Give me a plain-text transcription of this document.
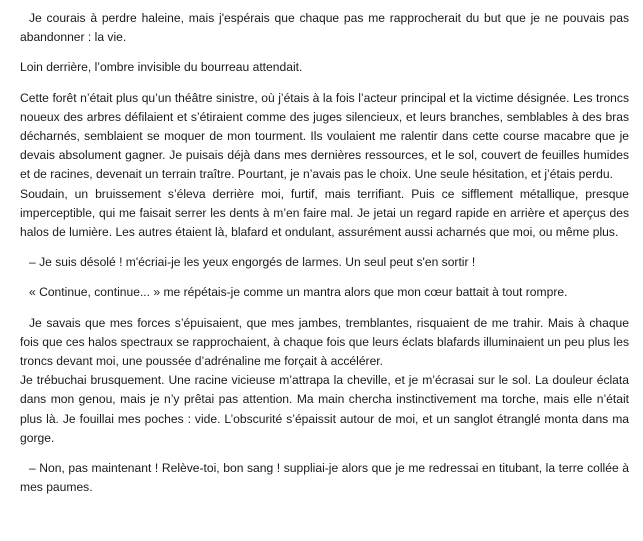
Je courais à perdre haleine, mais j'espérais que chaque pas me rapprocherait du but que je ne pouvais pas abandonner : la vie.

Loin derrière, l’ombre invisible du bourreau attendait.

Cette forêt n’était plus qu’un théâtre sinistre, où j’étais à la fois l’acteur principal et la victime désignée. Les troncs noueux des arbres défilaient et s’étiraient comme des juges silencieux, et leurs branches, semblables à des bras décharnés, semblaient se moquer de mon tourment. Ils voulaient me ralentir dans cette course macabre que je devais absolument gagner. Je puisais déjà dans mes dernières ressources, et le sol, couvert de feuilles humides et de racines, devenait un terrain traître. Pourtant, je n’avais pas le choix. Une seule hésitation, et j’étais perdu.

Soudain, un bruissement s’éleva derrière moi, furtif, mais terrifiant. Puis ce sifflement métallique, presque imperceptible, qui me faisait serrer les dents à m’en faire mal. Je jetai un regard rapide en arrière et aperçus des halos de lumière. Les autres étaient là, blafard et ondulant, assurément aussi acharnés que moi, ou même plus.

– Je suis désolé ! m'écriai-je les yeux engorgés de larmes. Un seul peut s'en sortir !

« Continue, continue... » me répétais-je comme un mantra alors que mon cœur battait à tout rompre.

Je savais que mes forces s’épuisaient, que mes jambes, tremblantes, risquaient de me trahir. Mais à chaque fois que ces halos spectraux se rapprochaient, à chaque fois que leurs éclats blafards illuminaient un peu plus les troncs devant moi, une poussée d’adrénaline me forçait à accélérer.

Je trébuchai brusquement. Une racine vicieuse m’attrapa la cheville, et je m’écrasai sur le sol. La douleur éclata dans mon genou, mais je n’y prêtai pas attention. Ma main chercha instinctivement ma torche, mais elle n’était plus là. Je fouillai mes poches : vide. L’obscurité s’épaissit autour de moi, et un sanglot étranglé monta dans ma gorge.

– Non, pas maintenant ! Relève-toi, bon sang ! suppliai-je alors que je me redressai en titubant, la terre collée à mes paumes.
